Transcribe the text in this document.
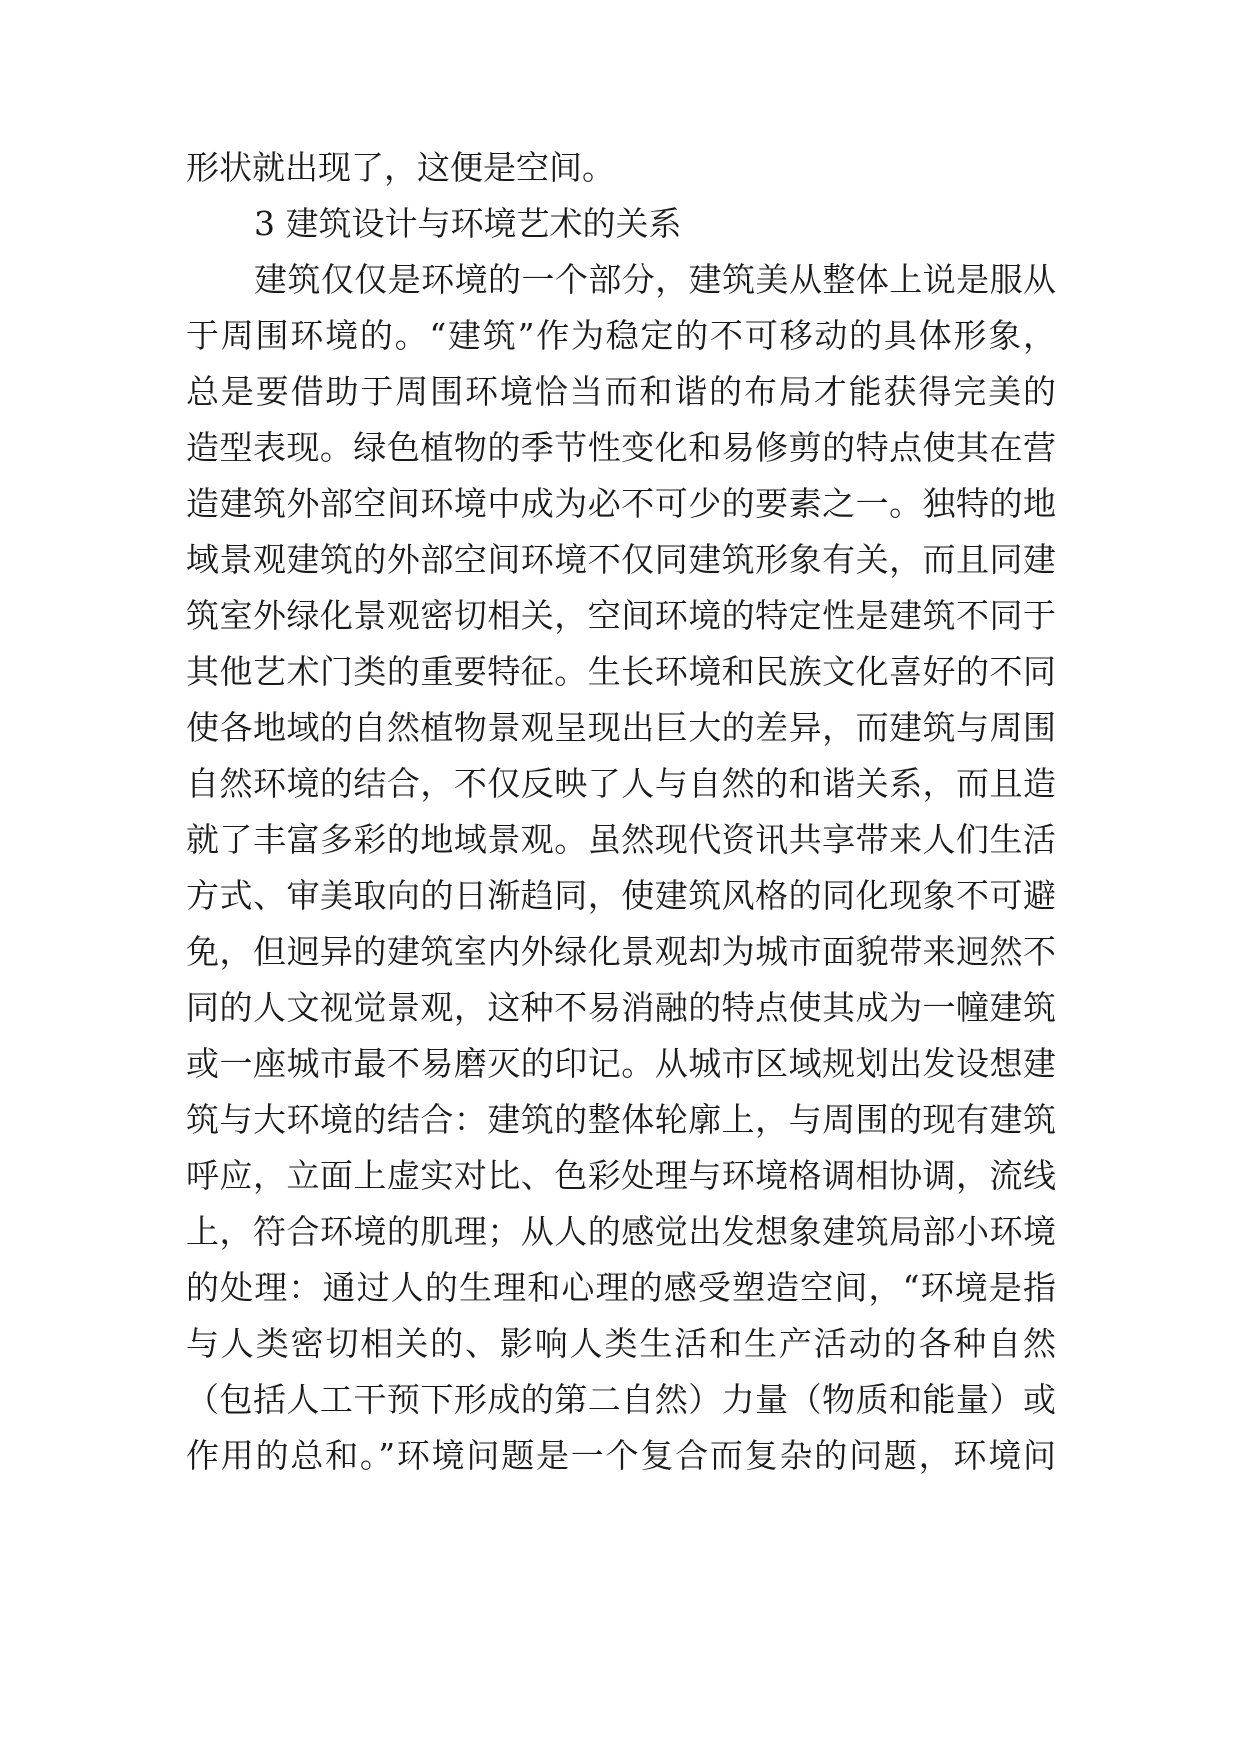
形状就出现了，这便是空间。
3 建筑设计与环境艺术的关系
建筑仅仅是环境的一个部分，建筑美从整体上说是服从
于周围环境的。“建筑”作为稳定的不可移动的具体形象，
总是要借助于周围环境恰当而和谐的布局才能获得完美的
造型表现。绿色植物的季节性变化和易修剪的特点使其在营
造建筑外部空间环境中成为必不可少的要素之一。独特的地
域景观建筑的外部空间环境不仅同建筑形象有关，而且同建
筑室外绿化景观密切相关，空间环境的特定性是建筑不同于
其他艺术门类的重要特征。生长环境和民族文化喜好的不同
使各地域的自然植物景观呈现出巨大的差异，而建筑与周围
自然环境的结合，不仅反映了人与自然的和谐关系，而且造
就了丰富多彩的地域景观。虽然现代资讯共享带来人们生活
方式、审美取向的日渐趋同，使建筑风格的同化现象不可避
免，但迥异的建筑室内外绿化景观却为城市面貌带来迥然不
同的人文视觉景观，这种不易消融的特点使其成为一幢建筑
或一座城市最不易磨灭的印记。从城市区域规划出发设想建
筑与大环境的结合：建筑的整体轮廓上，与周围的现有建筑
呼应，立面上虚实对比、色彩处理与环境格调相协调，流线
上，符合环境的肌理；从人的感觉出发想象建筑局部小环境
的处理：通过人的生理和心理的感受塑造空间，“环境是指
与人类密切相关的、影响人类生活和生产活动的各种自然
（包括人工干预下形成的第二自然）力量（物质和能量）或
作用的总和。”环境问题是一个复合而复杂的问题，环境问
